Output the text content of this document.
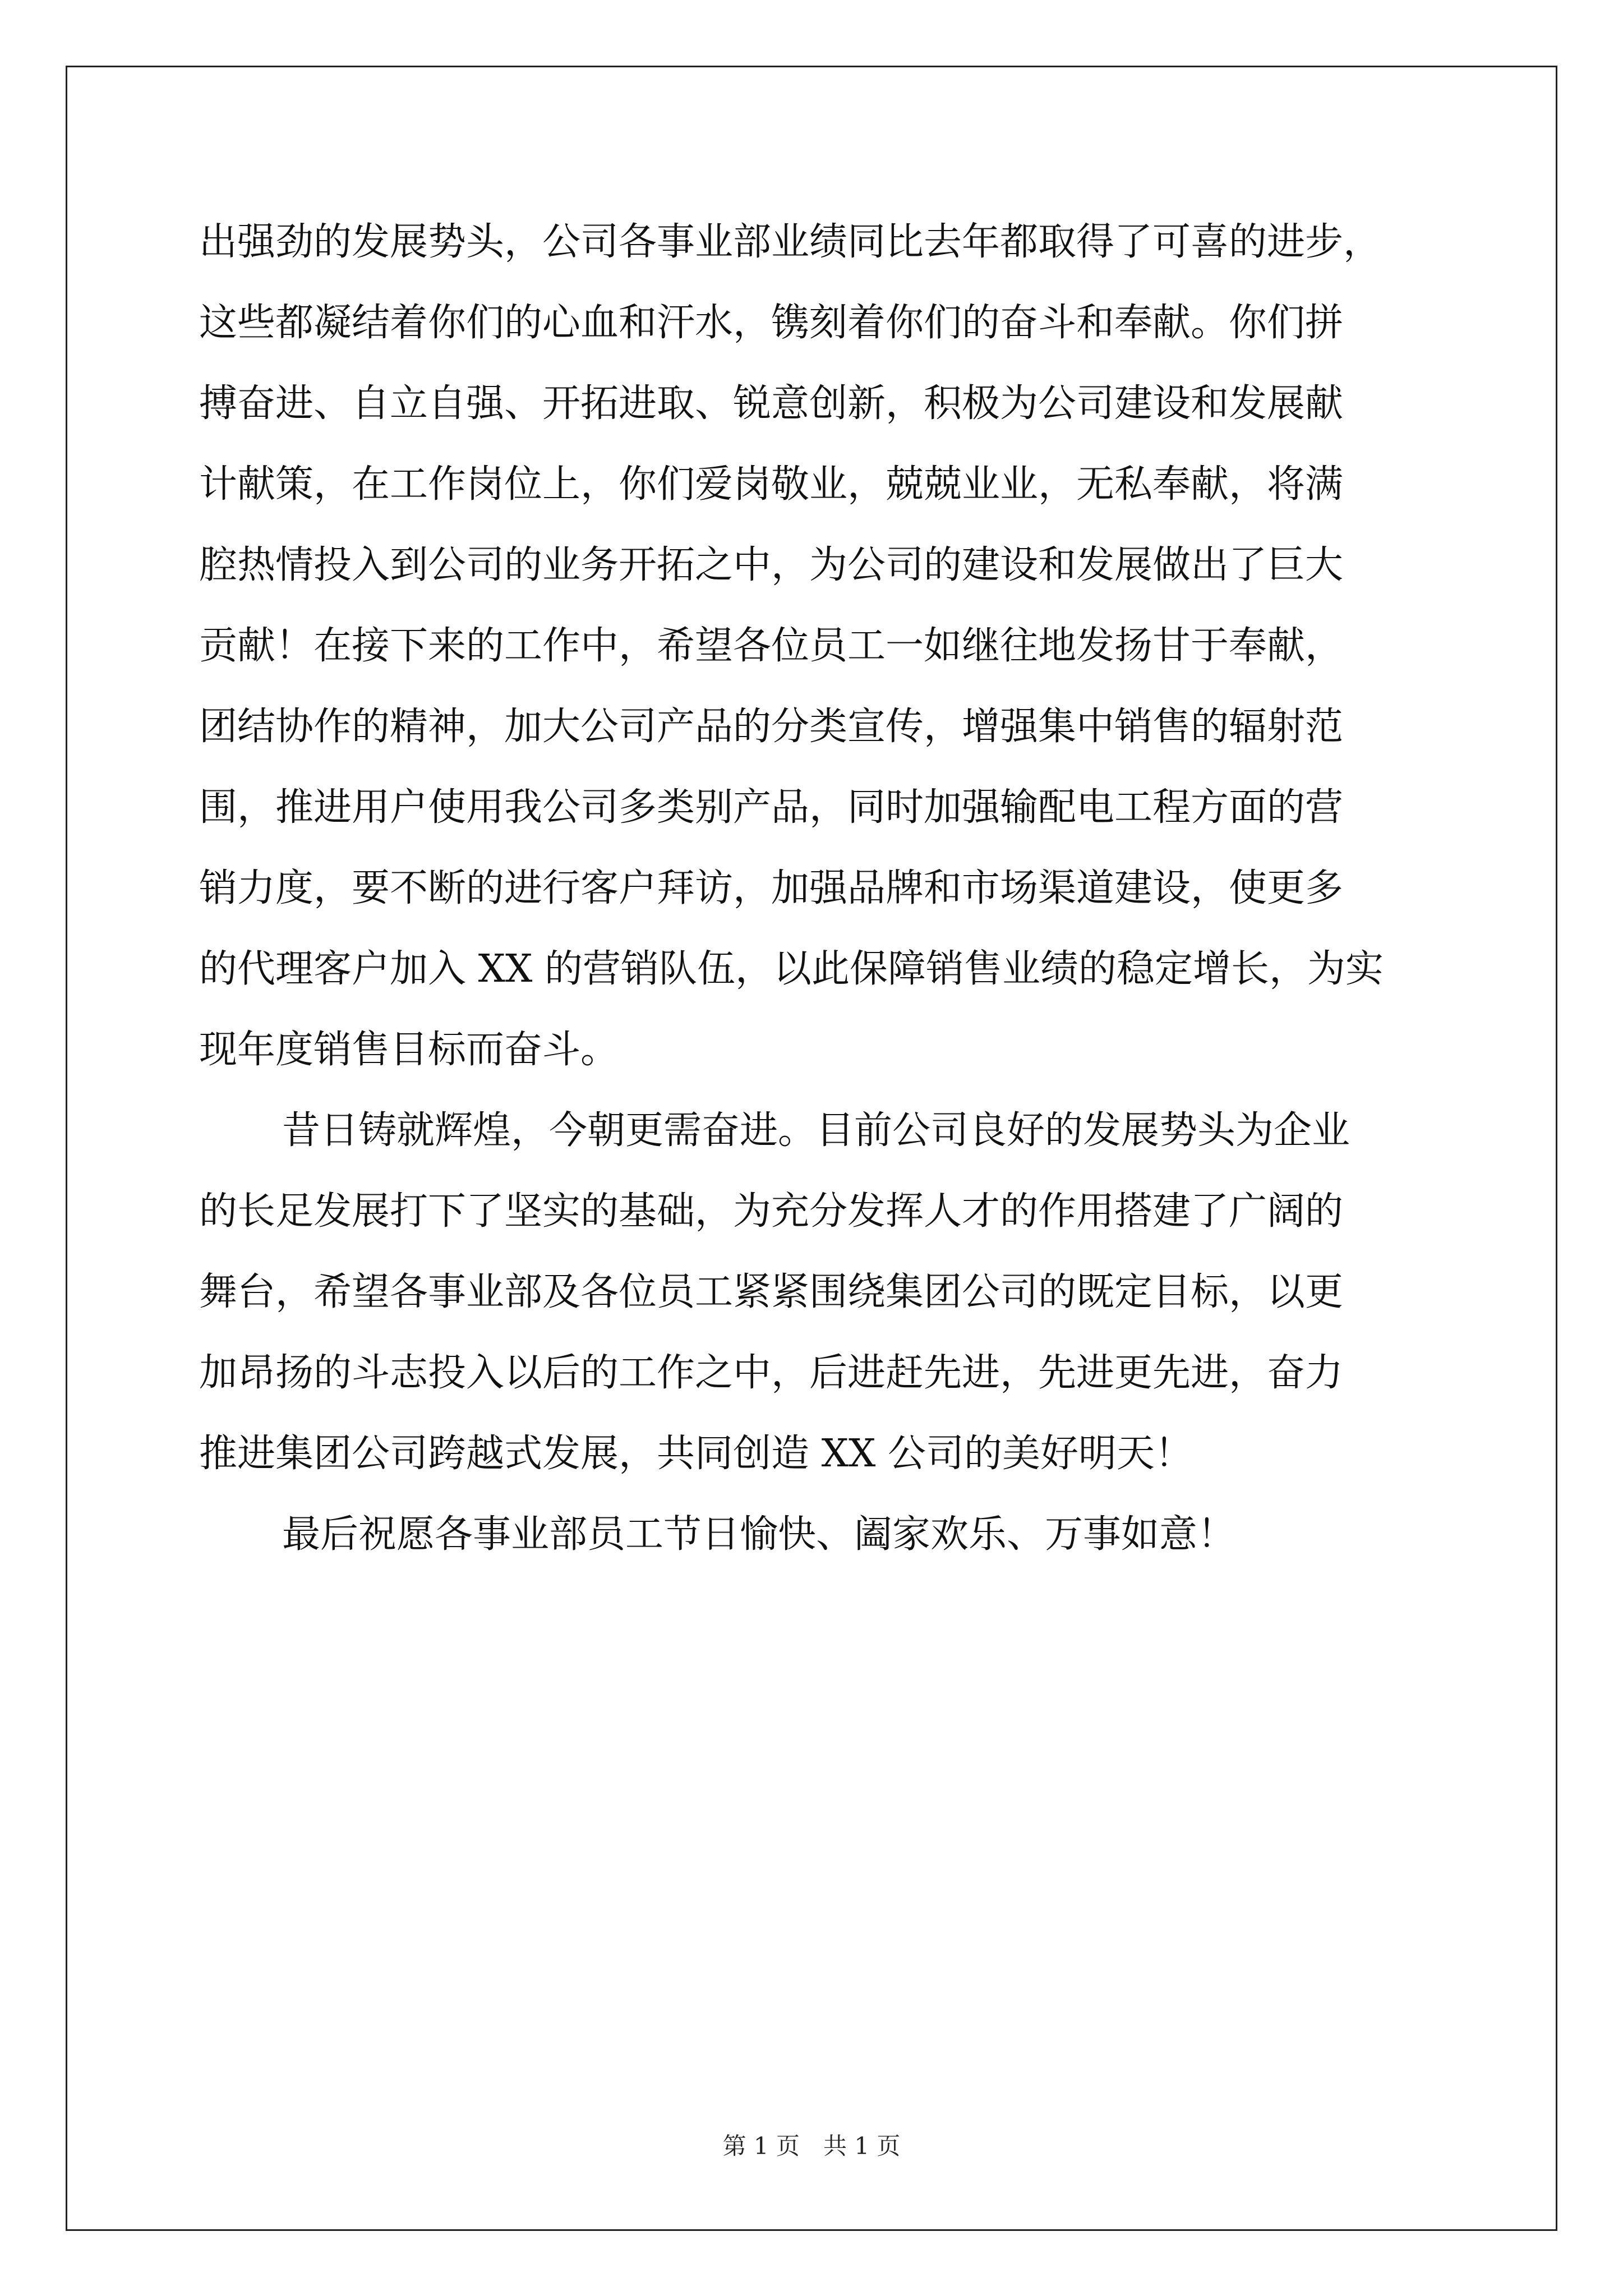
出强劲的发展势头，公司各事业部业绩同比去年都取得了可喜的进步，
这些都凝结着你们的心血和汗水，镌刻着你们的奋斗和奉献。你们拼
搏奋进、自立自强、开拓进取、锐意创新，积极为公司建设和发展献
计献策，在工作岗位上，你们爱岗敬业，兢兢业业，无私奉献，将满
腔热情投入到公司的业务开拓之中，为公司的建设和发展做出了巨大
贡献！在接下来的工作中，希望各位员工一如继往地发扬甘于奉献，
团结协作的精神，加大公司产品的分类宣传，增强集中销售的辐射范
围，推进用户使用我公司多类别产品，同时加强输配电工程方面的营
销力度，要不断的进行客户拜访，加强品牌和市场渠道建设，使更多
的代理客户加入 XX 的营销队伍，以此保障销售业绩的稳定增长，为实
现年度销售目标而奋斗。
昔日铸就辉煌，今朝更需奋进。目前公司良好的发展势头为企业
的长足发展打下了坚实的基础，为充分发挥人才的作用搭建了广阔的
舞台，希望各事业部及各位员工紧紧围绕集团公司的既定目标，以更
加昂扬的斗志投入以后的工作之中，后进赶先进，先进更先进，奋力
推进集团公司跨越式发展，共同创造 XX 公司的美好明天！
最后祝愿各事业部员工节日愉快、阖家欢乐、万事如意！
第 1 页　共 1 页
